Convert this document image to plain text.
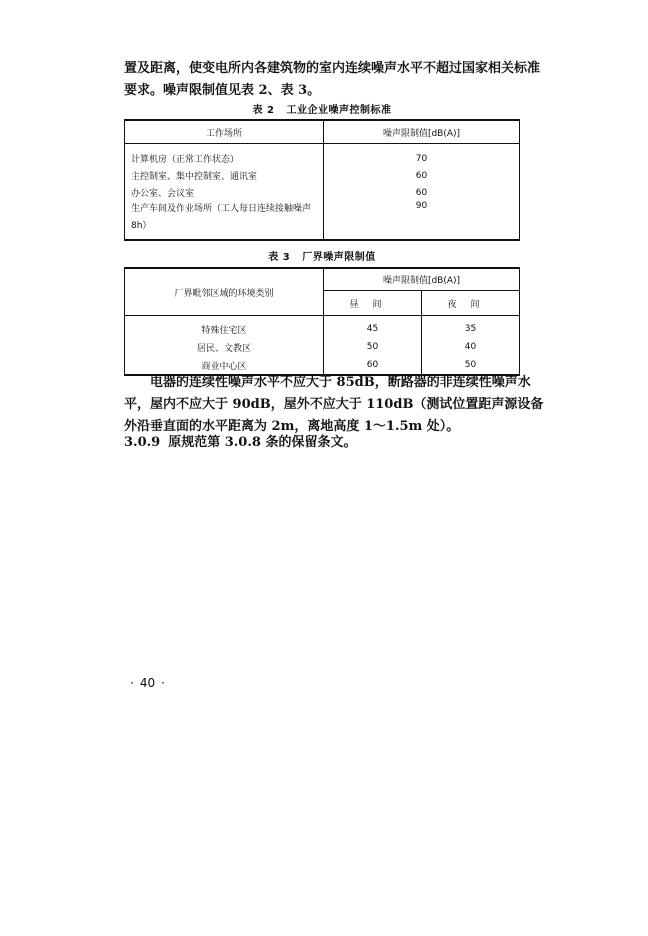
置及距离，使变电所内各建筑物的室内连续噪声水平不超过国家相关标准要求。噪声限制值见表 2、表 3。

表 2 工业企业噪声控制标准

工作场所	噪声限制值[dB(A)]
计算机房（正常工作状态）	70
主控制室、集中控制室、通讯室	60
办公室、会议室	60
生产车间及作业场所（工人每日连续接触噪声 8h）	90

表 3 厂界噪声限制值

厂界毗邻区域的环境类别	噪声限制值[dB(A)]	
	昼间	夜间
特殊住宅区	45	35
居民、文教区	50	40
商业中心区	60	50

电器的连续性噪声水平不应大于 85dB，断路器的非连续性噪声水平，屋内不应大于 90dB，屋外不应大于 110dB（测试位置距声源设备外沿垂直面的水平距离为 2m，离地高度 1～1.5m 处）。

3.0.9 原规范第 3.0.8 条的保留条文。

· 40 ·
